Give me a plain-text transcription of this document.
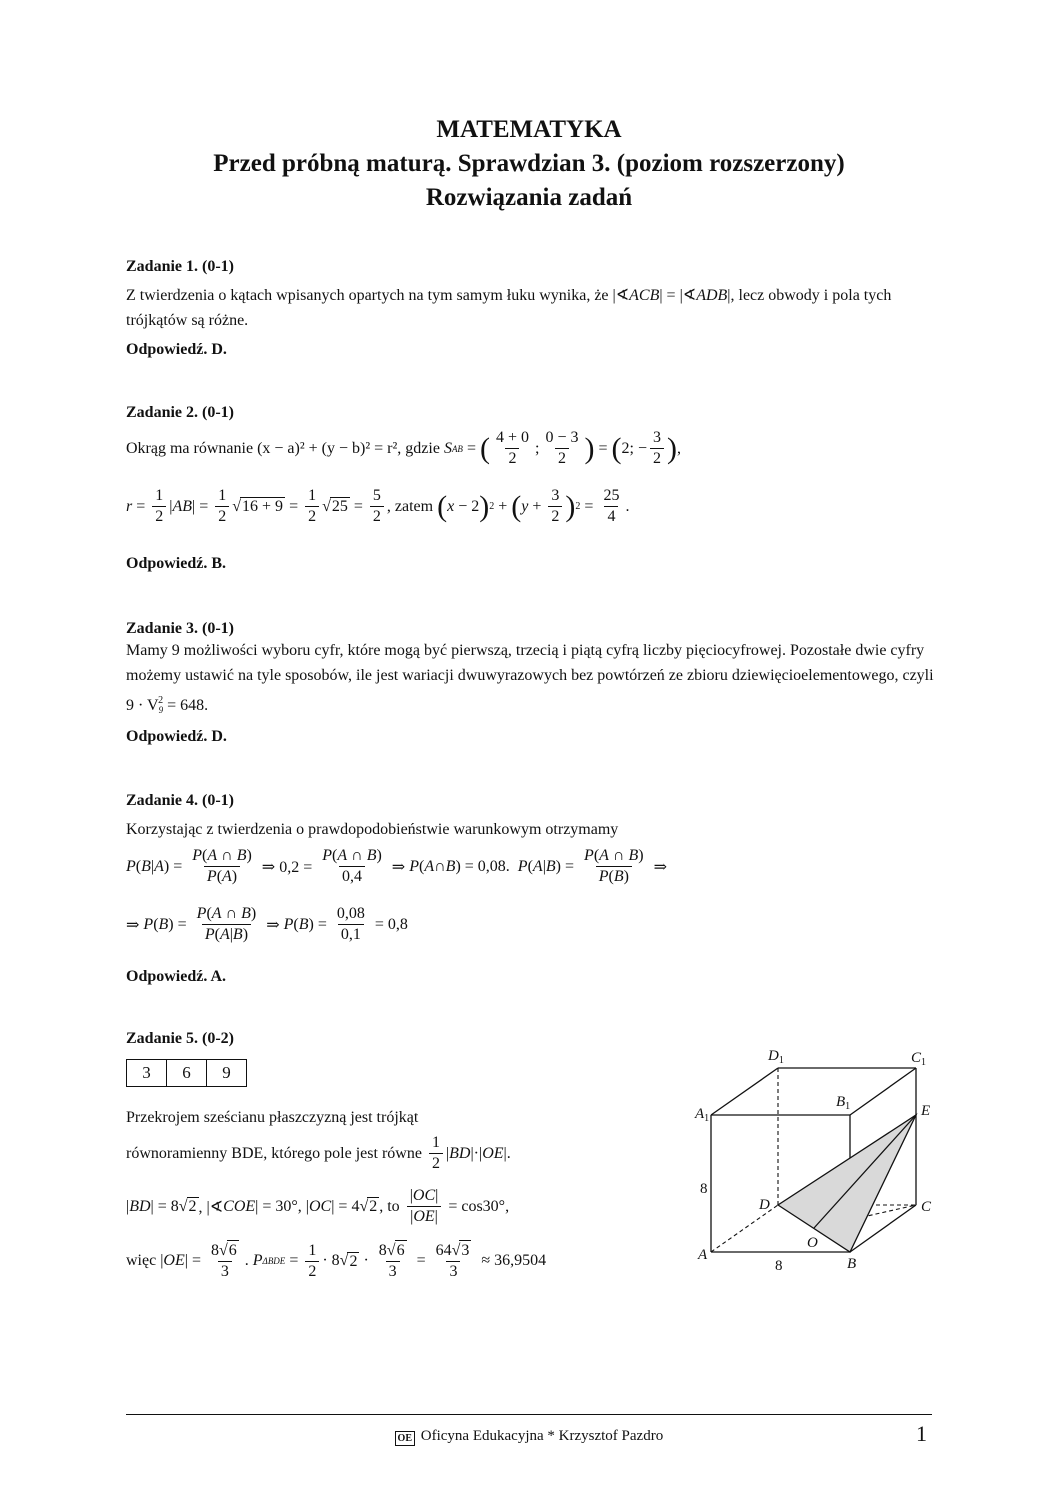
MATEMATYKA
Przed próbną maturą. Sprawdzian 3. (poziom rozszerzony)
Rozwiązania zadań
Zadanie 1. (0-1)
Z twierdzenia o kątach wpisanych opartych na tym samym łuku wynika, że |∢ACB| = |∢ADB|, lecz obwody i pola tych trójkątów są różne.
Odpowiedź. D.
Zadanie 2. (0-1)
Okrąg ma równanie (x − a)² + (y − b)² = r², gdzie
S AB = ( $\frac{4 + 0}{2}$ ; $\frac{0 - 3}{2}$ ) = ( 2; − $\frac{3}{2}$ ) ,
$r = \frac{1}{2}$ | AB | = $\frac{1}{2}$ √ $16 + 9 = \frac{1}{2}$ √ $25 = \frac{5}{2}$ , zatem
( x − 2 ) 2 + ( $y + \frac{3}{2}$ ) $2 = \frac{25}{4}$ .
Odpowiedź. B.
Zadanie 3. (0-1)
Mamy 9 możliwości wyboru cyfr, które mogą być pierwszą, trzecią i piątą cyfrą liczby pięciocyfrowej. Pozostałe dwie cyfry możemy ustawić na tyle sposobów, ile jest wariacji dwuwyrazowych bez powtórzeń ze zbioru dziewięcioelementowego, czyli $9 \cdot V_9^2 = 648$.
Odpowiedź. D.
Zadanie 4. (0-1)
Korzystając z twierdzenia o prawdopodobieństwie warunkowym otrzymamy
P ( B | A ) = $\frac{P(A \cap B)}{P(A)}$ ⇒ $0,2 = \frac{P(A \cap B)}{0,4}$ ⇒ P ( A ∩ B ) = 0,08. P ( A | B ) = $\frac{P(A \cap B)}{P(B)}$ ⇒
⇒ P ( B ) = $\frac{P(A \cap B)}{P(A|B)}$ ⇒ P ( B ) = $\frac{0,08}{0,1} = 0,8$
Odpowiedź. A.
Zadanie 5. (0-2)
3	6	9
Przekrojem sześcianu płaszczyzną jest trójkąt
równoramienny BDE, którego pole jest równe
$\frac{1}{2}$ | BD |·| OE |.
| BD | = 8√ 2 , |∢ COE | = 30°, | OC | = 4√ 2 , to
$\frac{|OC|}{|OE|} = \cos 30^\circ$,
więc | OE | = $\frac{8√6}{3}$ . P $\Delta BDE = \frac{1}{2} \cdot 8√$ $2 \cdot \frac{8√6}{3} = \frac{64√3}{3}$
≈ 36,9504
$D_1$	$C_1$
$A_1$
$B_1$	E
D	C
O
A
B
8
8
OE Oficyna Edukacyjna * Krzysztof Pazdro	1
